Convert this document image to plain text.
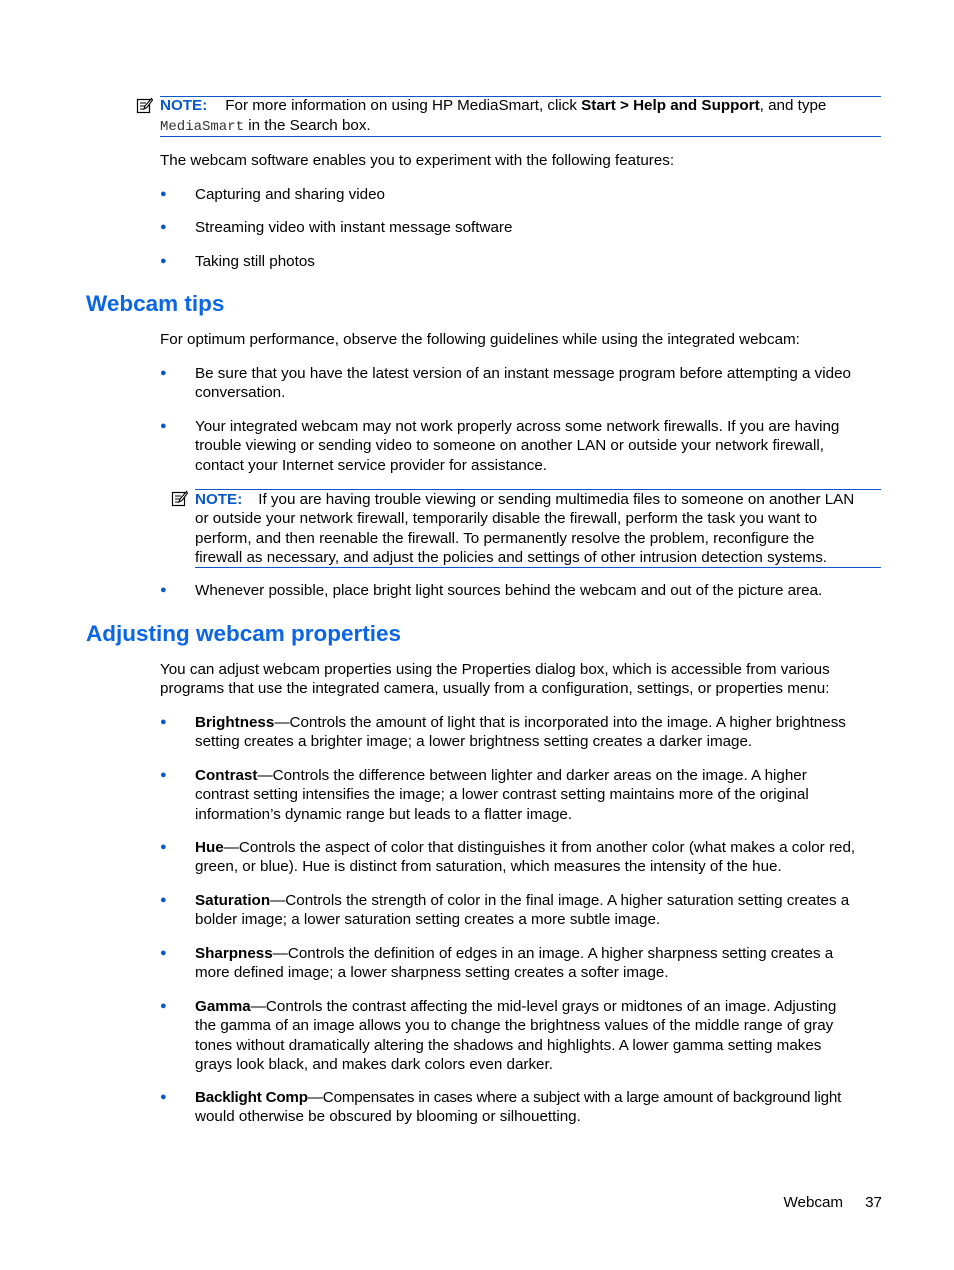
NOTE: For more information on using HP MediaSmart, click Start > Help and Support, and type
MediaSmart in the Search box.
The webcam software enables you to experiment with the following features:
●	Capturing and sharing video
●	Streaming video with instant message software
●	Taking still photos
Webcam tips
For optimum performance, observe the following guidelines while using the integrated webcam:
●	Be sure that you have the latest version of an instant message program before attempting a video
conversation.
●	Your integrated webcam may not work properly across some network firewalls. If you are having
trouble viewing or sending video to someone on another LAN or outside your network firewall,
contact your Internet service provider for assistance.
NOTE: If you are having trouble viewing or sending multimedia files to someone on another LAN
or outside your network firewall, temporarily disable the firewall, perform the task you want to
perform, and then reenable the firewall. To permanently resolve the problem, reconfigure the
firewall as necessary, and adjust the policies and settings of other intrusion detection systems.
●	Whenever possible, place bright light sources behind the webcam and out of the picture area.
Adjusting webcam properties
You can adjust webcam properties using the Properties dialog box, which is accessible from various
programs that use the integrated camera, usually from a configuration, settings, or properties menu:
●	Brightness—Controls the amount of light that is incorporated into the image. A higher brightness
setting creates a brighter image; a lower brightness setting creates a darker image.
●	Contrast—Controls the difference between lighter and darker areas on the image. A higher
contrast setting intensifies the image; a lower contrast setting maintains more of the original
information’s dynamic range but leads to a flatter image.
●	Hue—Controls the aspect of color that distinguishes it from another color (what makes a color red,
green, or blue). Hue is distinct from saturation, which measures the intensity of the hue.
●	Saturation—Controls the strength of color in the final image. A higher saturation setting creates a
bolder image; a lower saturation setting creates a more subtle image.
●	Sharpness—Controls the definition of edges in an image. A higher sharpness setting creates a
more defined image; a lower sharpness setting creates a softer image.
●	Gamma—Controls the contrast affecting the mid-level grays or midtones of an image. Adjusting
the gamma of an image allows you to change the brightness values of the middle range of gray
tones without dramatically altering the shadows and highlights. A lower gamma setting makes
grays look black, and makes dark colors even darker.
●	Backlight Comp—Compensates in cases where a subject with a large amount of background light
would otherwise be obscured by blooming or silhouetting.
Webcam 37
